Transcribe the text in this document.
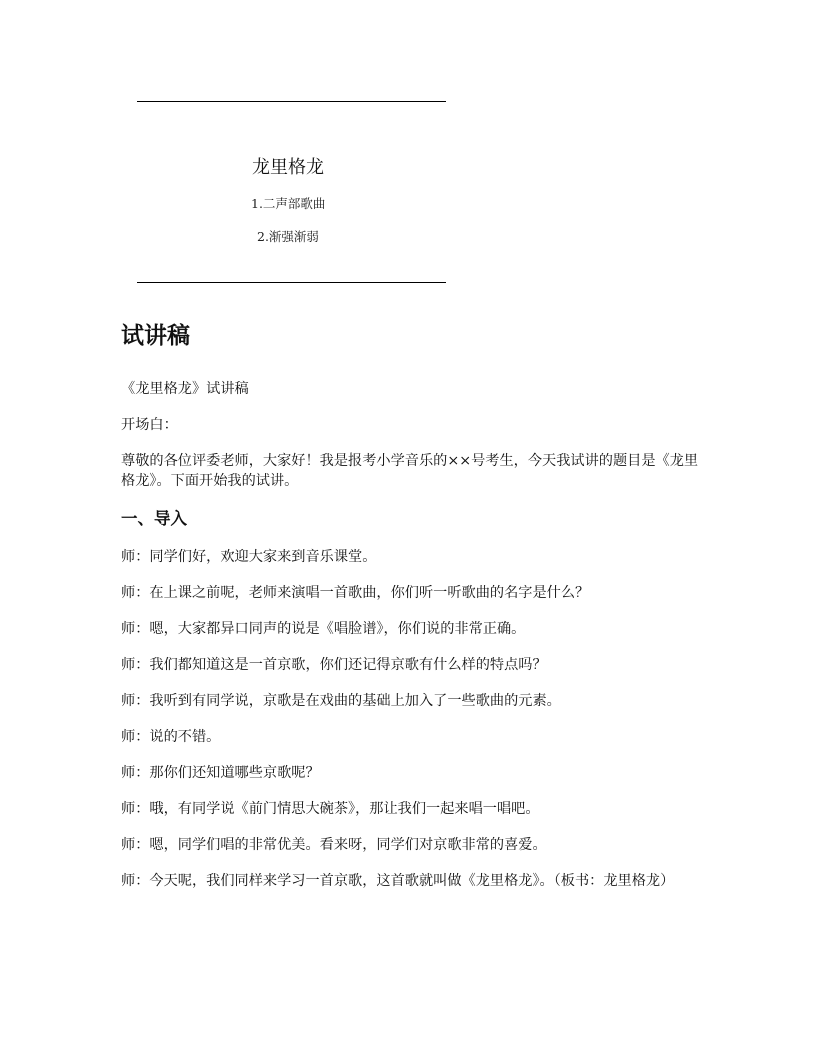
龙里格龙
1.二声部歌曲
2.渐强渐弱
试讲稿

《龙里格龙》试讲稿

开场白：

尊敬的各位评委老师，大家好！我是报考小学音乐的××号考生，今天我试讲的题目是《龙里格龙》。下面开始我的试讲。

一、导入

师：同学们好，欢迎大家来到音乐课堂。

师：在上课之前呢，老师来演唱一首歌曲，你们听一听歌曲的名字是什么？

师：嗯，大家都异口同声的说是《唱脸谱》，你们说的非常正确。

师：我们都知道这是一首京歌，你们还记得京歌有什么样的特点吗？

师：我听到有同学说，京歌是在戏曲的基础上加入了一些歌曲的元素。

师：说的不错。

师：那你们还知道哪些京歌呢？

师：哦，有同学说《前门情思大碗茶》，那让我们一起来唱一唱吧。

师：嗯，同学们唱的非常优美。看来呀，同学们对京歌非常的喜爱。

师：今天呢，我们同样来学习一首京歌，这首歌就叫做《龙里格龙》。（板书：龙里格龙）
